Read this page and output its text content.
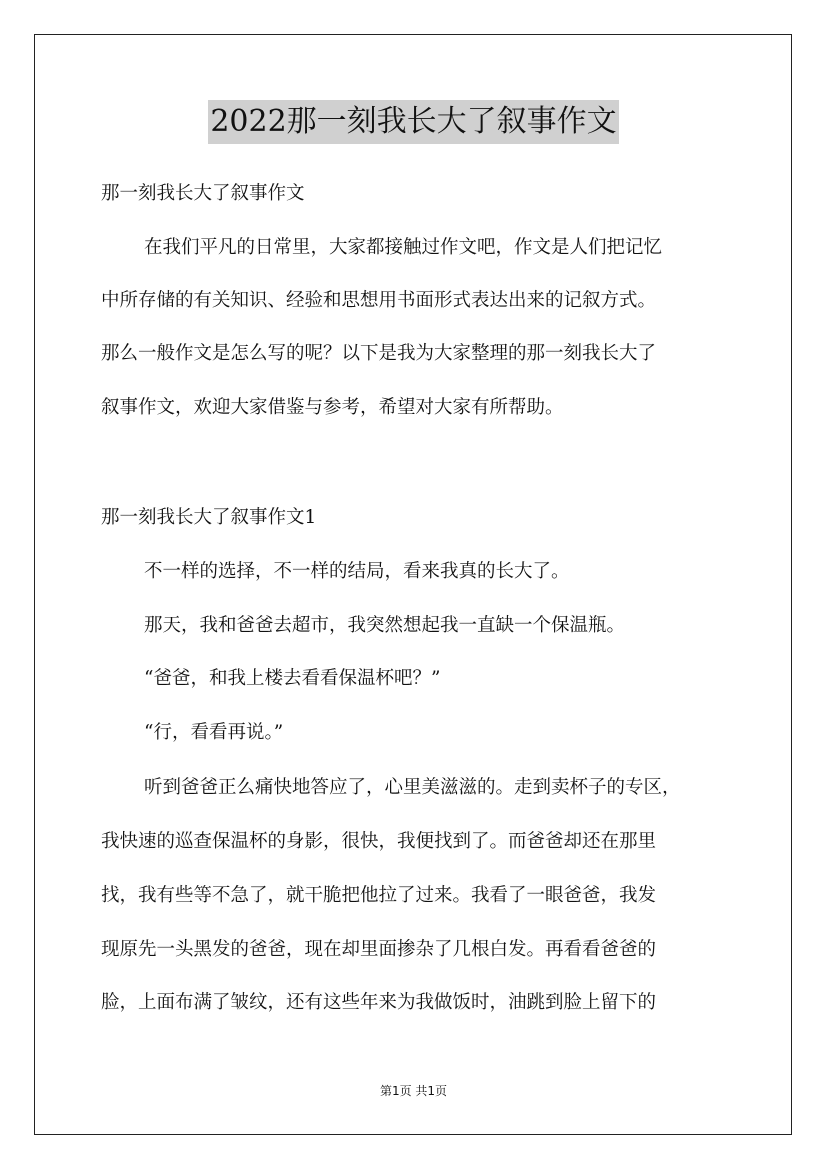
2022那一刻我长大了叙事作文
那一刻我长大了叙事作文
在我们平凡的日常里，大家都接触过作文吧，作文是人们把记忆
中所存储的有关知识、经验和思想用书面形式表达出来的记叙方式。
那么一般作文是怎么写的呢？以下是我为大家整理的那一刻我长大了
叙事作文，欢迎大家借鉴与参考，希望对大家有所帮助。
那一刻我长大了叙事作文1
不一样的选择，不一样的结局，看来我真的长大了。
那天，我和爸爸去超市，我突然想起我一直缺一个保温瓶。
“爸爸，和我上楼去看看保温杯吧？”
“行，看看再说。”
听到爸爸正么痛快地答应了，心里美滋滋的。走到卖杯子的专区，
我快速的巡查保温杯的身影，很快，我便找到了。而爸爸却还在那里
找，我有些等不急了，就干脆把他拉了过来。我看了一眼爸爸，我发
现原先一头黑发的爸爸，现在却里面掺杂了几根白发。再看看爸爸的
脸，上面布满了皱纹，还有这些年来为我做饭时，油跳到脸上留下的
第1页 共1页
